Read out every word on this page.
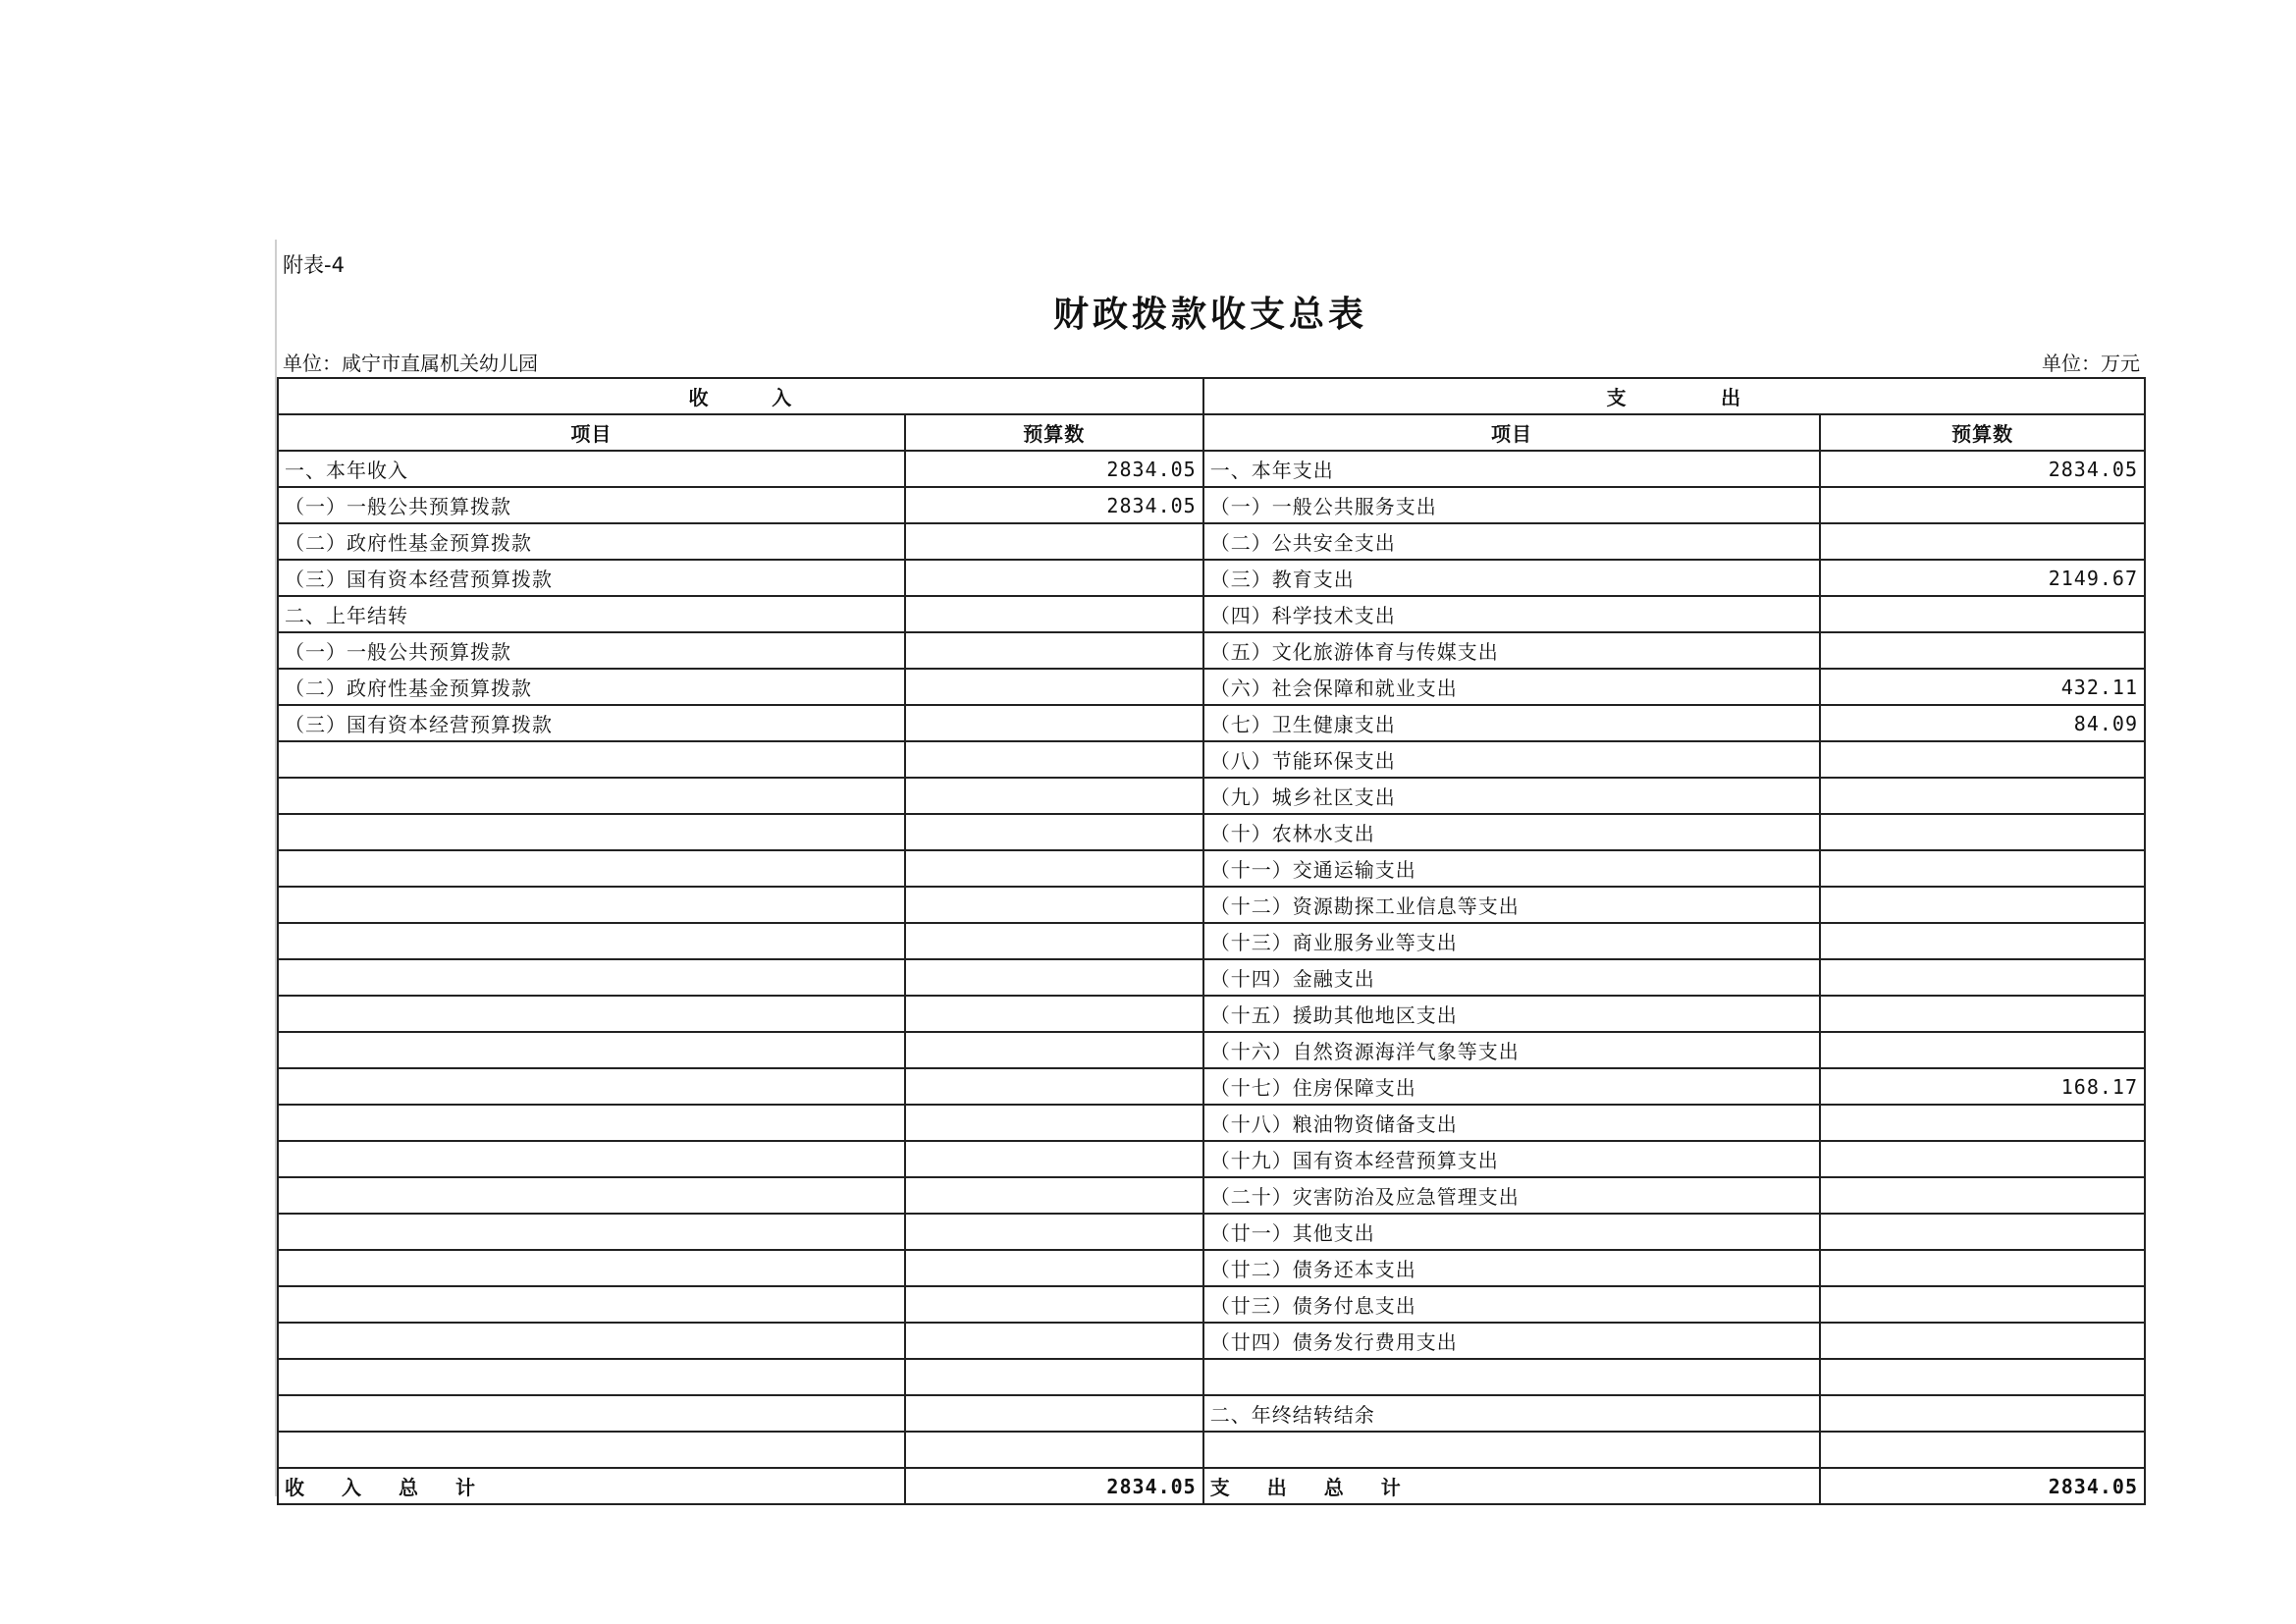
附表-4
财政拨款收支总表
单位：咸宁市直属机关幼儿园	单位：万元
收        入		支            出	
项目	预算数	项目	预算数
一、本年收入	2834.05	一、本年支出	2834.05
（一）一般公共预算拨款	2834.05	（一）一般公共服务支出	
（二）政府性基金预算拨款		（二）公共安全支出	
（三）国有资本经营预算拨款		（三）教育支出	2149.67
二、上年结转		（四）科学技术支出	
（一）一般公共预算拨款		（五）文化旅游体育与传媒支出	
（二）政府性基金预算拨款		（六）社会保障和就业支出	432.11
（三）国有资本经营预算拨款		（七）卫生健康支出	84.09
		（八）节能环保支出	
		（九）城乡社区支出	
		（十）农林水支出	
		（十一）交通运输支出	
		（十二）资源勘探工业信息等支出	
		（十三）商业服务业等支出	
		（十四）金融支出	
		（十五）援助其他地区支出	
		（十六）自然资源海洋气象等支出	
		（十七）住房保障支出	168.17
		（十八）粮油物资储备支出	
		（十九）国有资本经营预算支出	
		（二十）灾害防治及应急管理支出	
		（廿一）其他支出	
		（廿二）债务还本支出	
		（廿三）债务付息支出	
		（廿四）债务发行费用支出	

		二、年终结转结余	

收入总计	2834.05	支出总计	2834.05
